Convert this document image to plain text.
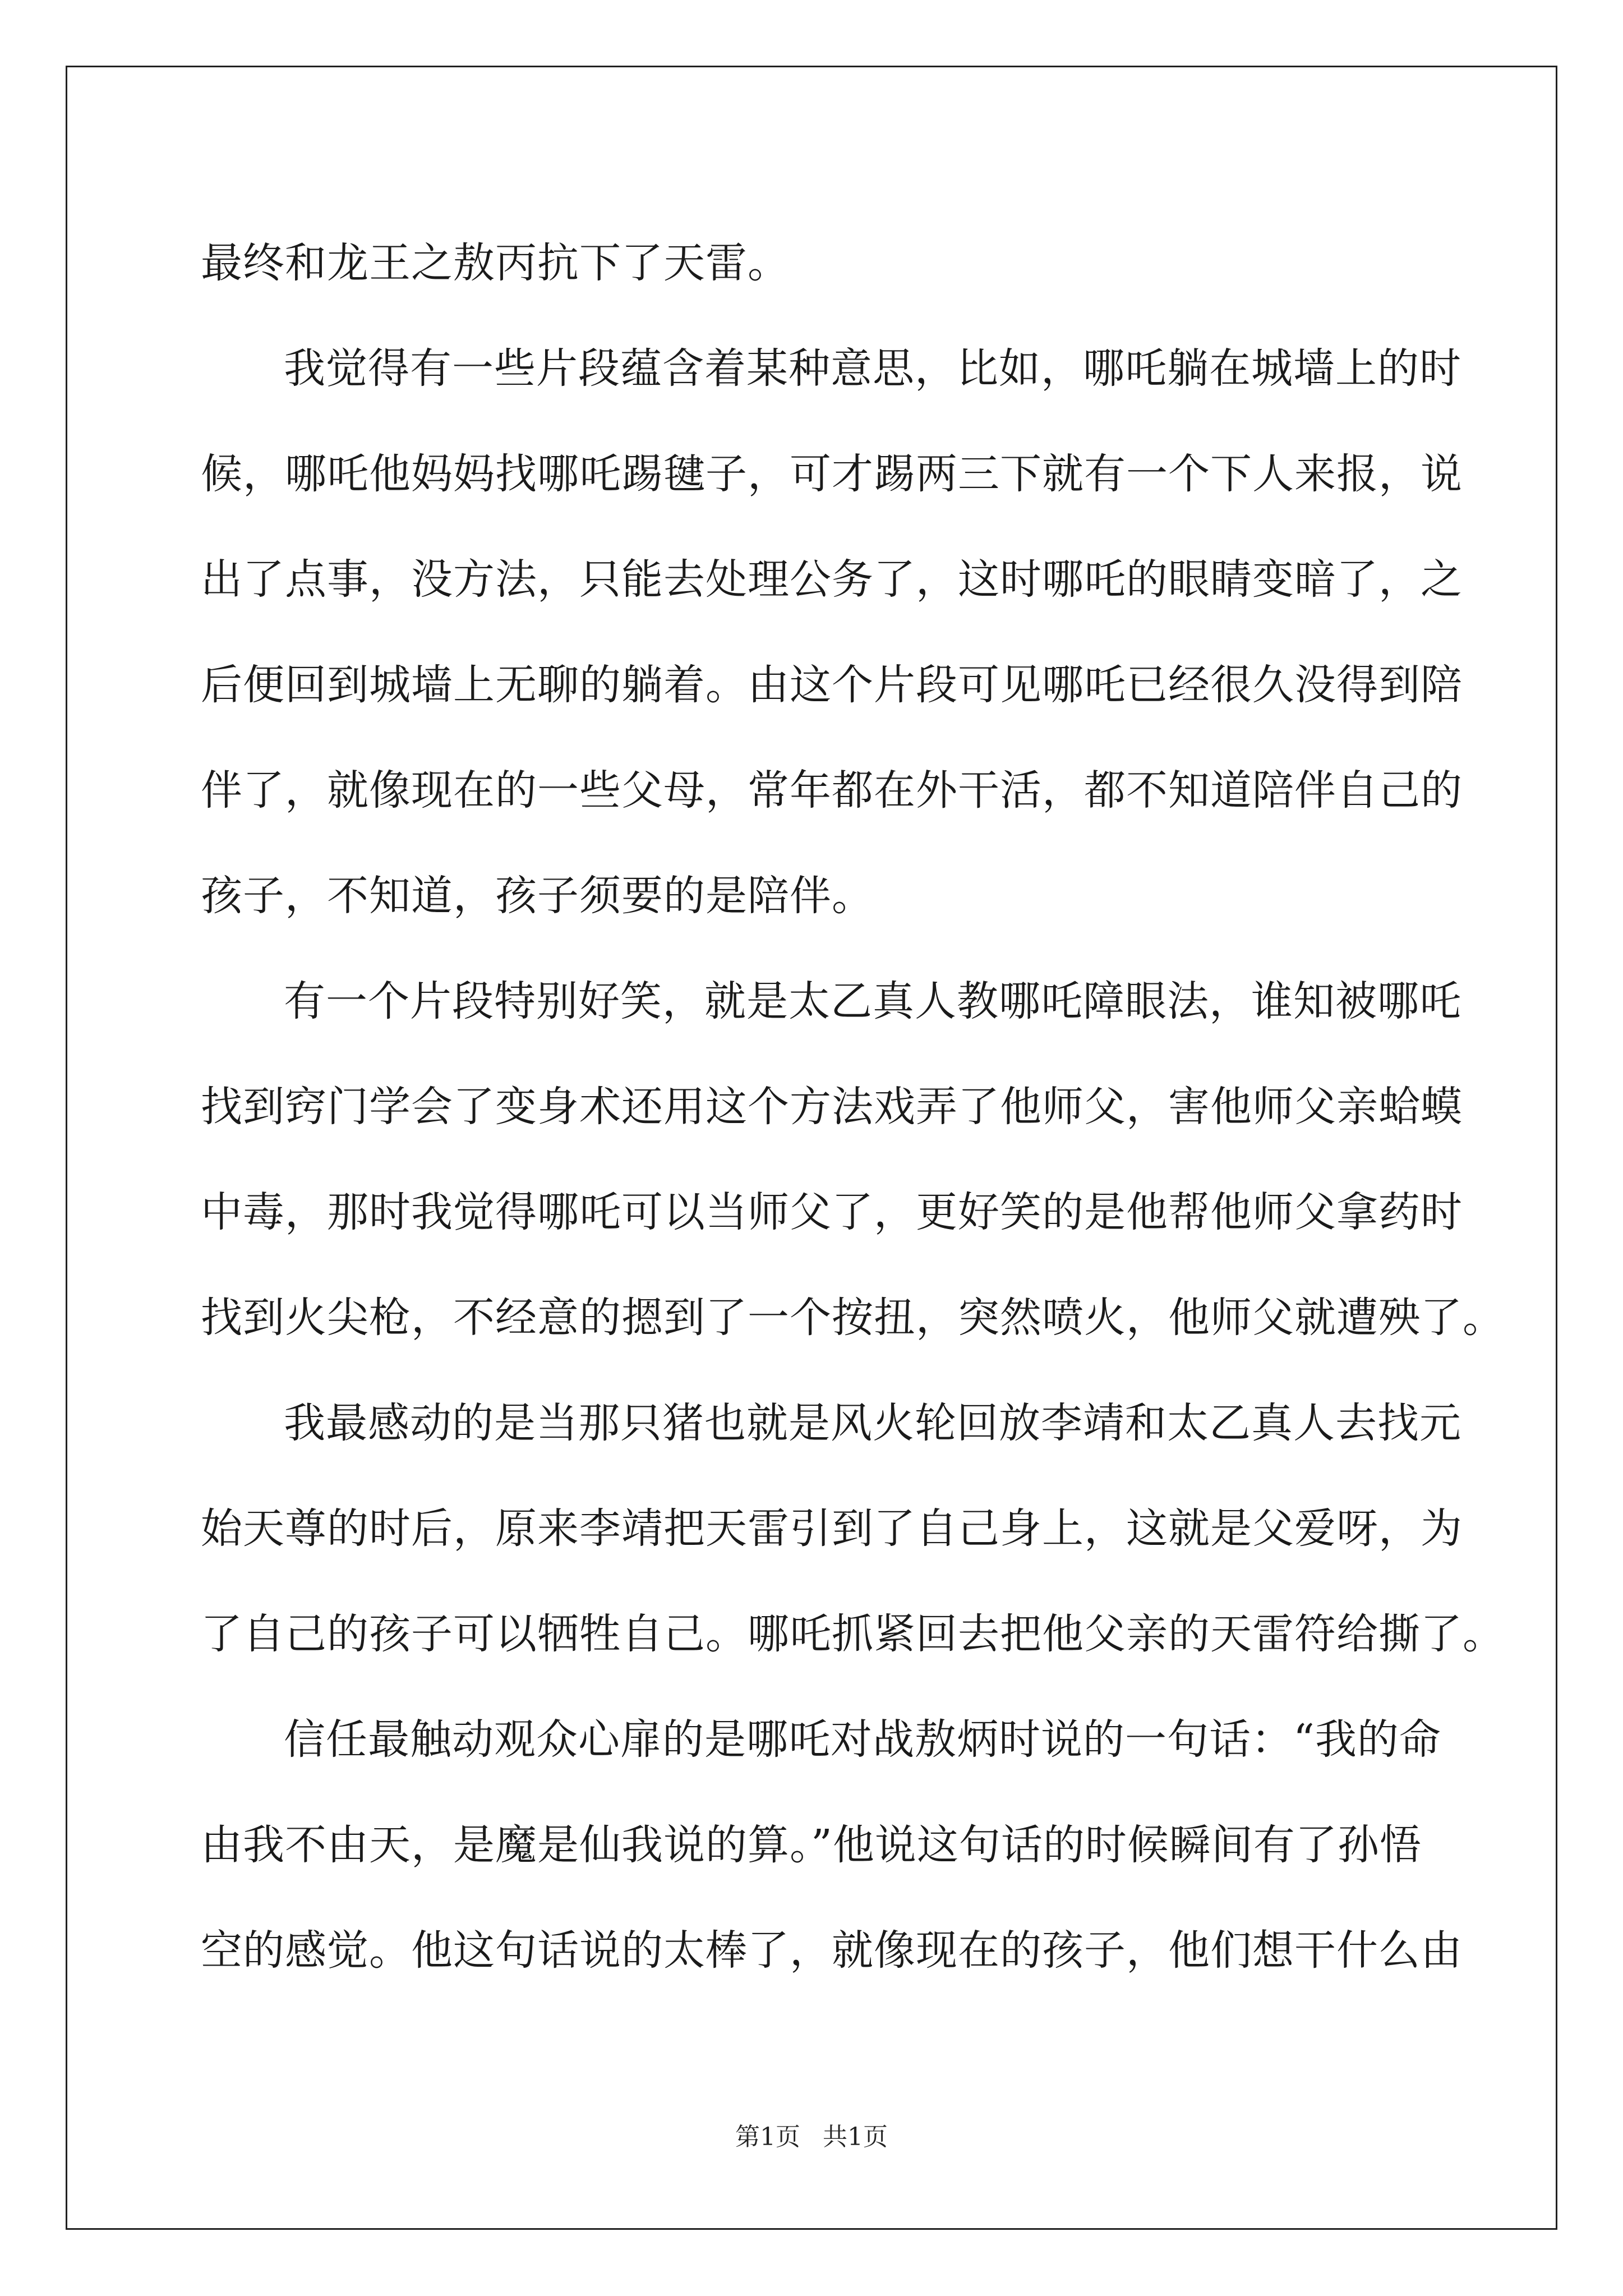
最终和龙王之敖丙抗下了天雷。
我觉得有一些片段蕴含着某种意思，比如，哪吒躺在城墙上的时
候，哪吒他妈妈找哪吒踢毽子，可才踢两三下就有一个下人来报，说
出了点事，没方法，只能去处理公务了，这时哪吒的眼睛变暗了，之
后便回到城墙上无聊的躺着。由这个片段可见哪吒已经很久没得到陪
伴了，就像现在的一些父母，常年都在外干活，都不知道陪伴自己的
孩子，不知道，孩子须要的是陪伴。
有一个片段特别好笑，就是太乙真人教哪吒障眼法，谁知被哪吒
找到窍门学会了变身术还用这个方法戏弄了他师父，害他师父亲蛤蟆
中毒，那时我觉得哪吒可以当师父了，更好笑的是他帮他师父拿药时
找到火尖枪，不经意的摁到了一个按扭，突然喷火，他师父就遭殃了。
我最感动的是当那只猪也就是风火轮回放李靖和太乙真人去找元
始天尊的时后，原来李靖把天雷引到了自己身上，这就是父爱呀，为
了自己的孩子可以牺牲自己。哪吒抓紧回去把他父亲的天雷符给撕了。
信任最触动观众心扉的是哪吒对战敖炳时说的一句话：“我的命
由我不由天，是魔是仙我说的算。”他说这句话的时候瞬间有了孙悟
空的感觉。他这句话说的太棒了，就像现在的孩子，他们想干什么由
第1页 共1页
